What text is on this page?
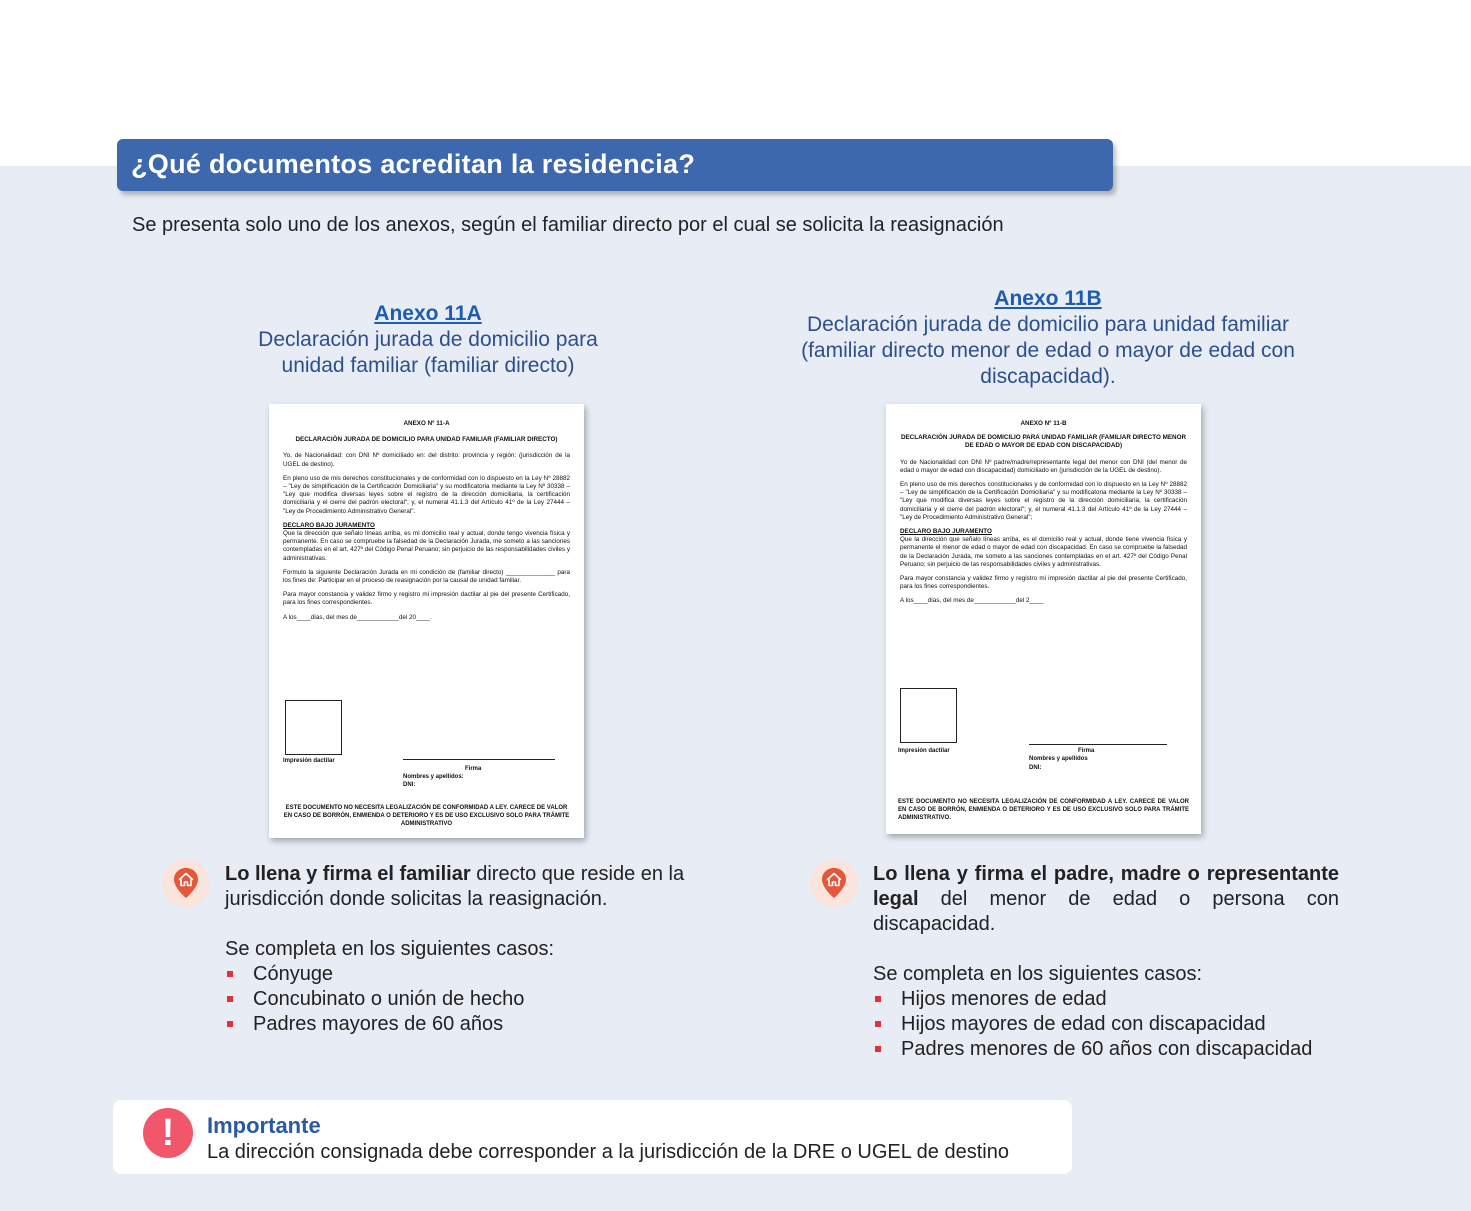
¿Qué documentos acreditan la residencia?
Se presenta solo uno de los anexos, según el familiar directo por el cual se solicita la reasignación
Anexo 11A
Declaración jurada de domicilio para unidad familiar (familiar directo)
ANEXO Nº 11-A
DECLARACIÓN JURADA DE DOMICILIO PARA UNIDAD FAMILIAR (FAMILIAR DIRECTO)

Yo, de Nacionalidad: con DNI Nº domiciliado en: del distrito: provincia y región: (jurisdicción de la UGEL de destino).

En pleno uso de mis derechos constitucionales y de conformidad con lo dispuesto en la Ley Nº 28882 – "Ley de simplificación de la Certificación Domiciliaria" y su modificatoria mediante la Ley Nº 30338 – "Ley que modifica diversas leyes sobre el registro de la dirección domiciliaria, la certificación domiciliaria y el cierre del padrón electoral"; y, el numeral 41.1.3 del Artículo 41º de la Ley 27444 – "Ley de Procedimiento Administrativo General".

DECLARO BAJO JURAMENTO

Que la dirección que señalo líneas arriba, es mi domicilio real y actual, donde tengo vivencia física y permanente. En caso se compruebe la falsedad de la Declaración Jurada, me someto a las sanciones contempladas en el art. 427º del Código Penal Peruano; sin perjuicio de las responsabilidades civiles y administrativas.

Formulo la siguiente Declaración Jurada en mi condición de (familiar directo) ______________ para los fines de: Participar en el proceso de reasignación por la causal de unidad familiar.

Para mayor constancia y validez firmo y registro mi impresión dactilar al pie del presente Certificado, para los fines correspondientes.

A los____días, del mes de____________del 20____.
Impresión dactilar
Firma
Nombres y apellidos:
DNI:
ESTE DOCUMENTO NO NECESITA LEGALIZACIÓN DE CONFORMIDAD A LEY. CARECE DE VALOR EN CASO DE BORRÓN, ENMIENDA O DETERIORO Y ES DE USO EXCLUSIVO SOLO PARA TRÁMITE ADMINISTRATIVO
Lo llena y firma el familiar directo que reside en la jurisdicción donde solicitas la reasignación.
Se completa en los siguientes casos:
Cónyuge
Concubinato o unión de hecho
Padres mayores de 60 años
Anexo 11B
Declaración jurada de domicilio para unidad familiar (familiar directo menor de edad o mayor de edad con discapacidad).
ANEXO Nº 11-B
DECLARACIÓN JURADA DE DOMICILIO PARA UNIDAD FAMILIAR (FAMILIAR DIRECTO MENOR DE EDAD O MAYOR DE EDAD CON DISCAPACIDAD)

Yo de Nacionalidad con DNI Nº padre/madre/representante legal del menor con DNI (del menor de edad o mayor de edad con discapacidad) domiciliado en (jurisdicción de la UGEL de destino).

En pleno uso de mis derechos constitucionales y de conformidad con lo dispuesto en la Ley Nº 28882 – "Ley de simplificación de la Certificación Domiciliaria" y su modificatoria mediante la Ley Nº 30338 – "Ley que modifica diversas leyes sobre el registro de la dirección domiciliaria, la certificación domiciliaria y el cierre del padrón electoral"; y, el numeral 41.1.3 del Artículo 41º de la Ley 27444 – "Ley de Procedimiento Administrativo General";

DECLARO BAJO JURAMENTO

Que la dirección que señalo líneas arriba, es el domicilio real y actual, donde tiene vivencia física y permanente el menor de edad o mayor de edad con discapacidad. En caso se compruebe la falsedad de la Declaración Jurada, me someto a las sanciones contempladas en el art. 427º del Código Penal Peruano; sin perjuicio de las responsabilidades civiles y administrativas.

Para mayor constancia y validez firmo y registro mi impresión dactilar al pie del presente Certificado, para los fines correspondientes.

A los____días, del mes de____________del 2____
Impresión dactilar	Firma
Nombres y apellidos
DNI:
ESTE DOCUMENTO NO NECESITA LEGALIZACIÓN DE CONFORMIDAD A LEY. CARECE DE VALOR EN CASO DE BORRÓN, ENMIENDA O DETERIORO Y ES DE USO EXCLUSIVO SOLO PARA TRÁMITE ADMINISTRATIVO.
Lo llena y firma el padre, madre o representante legal del menor de edad o persona con discapacidad.
Se completa en los siguientes casos:
Hijos menores de edad
Hijos mayores de edad con discapacidad
Padres menores de 60 años con discapacidad
!	Importante
La dirección consignada debe corresponder a la jurisdicción de la DRE o UGEL de destino
